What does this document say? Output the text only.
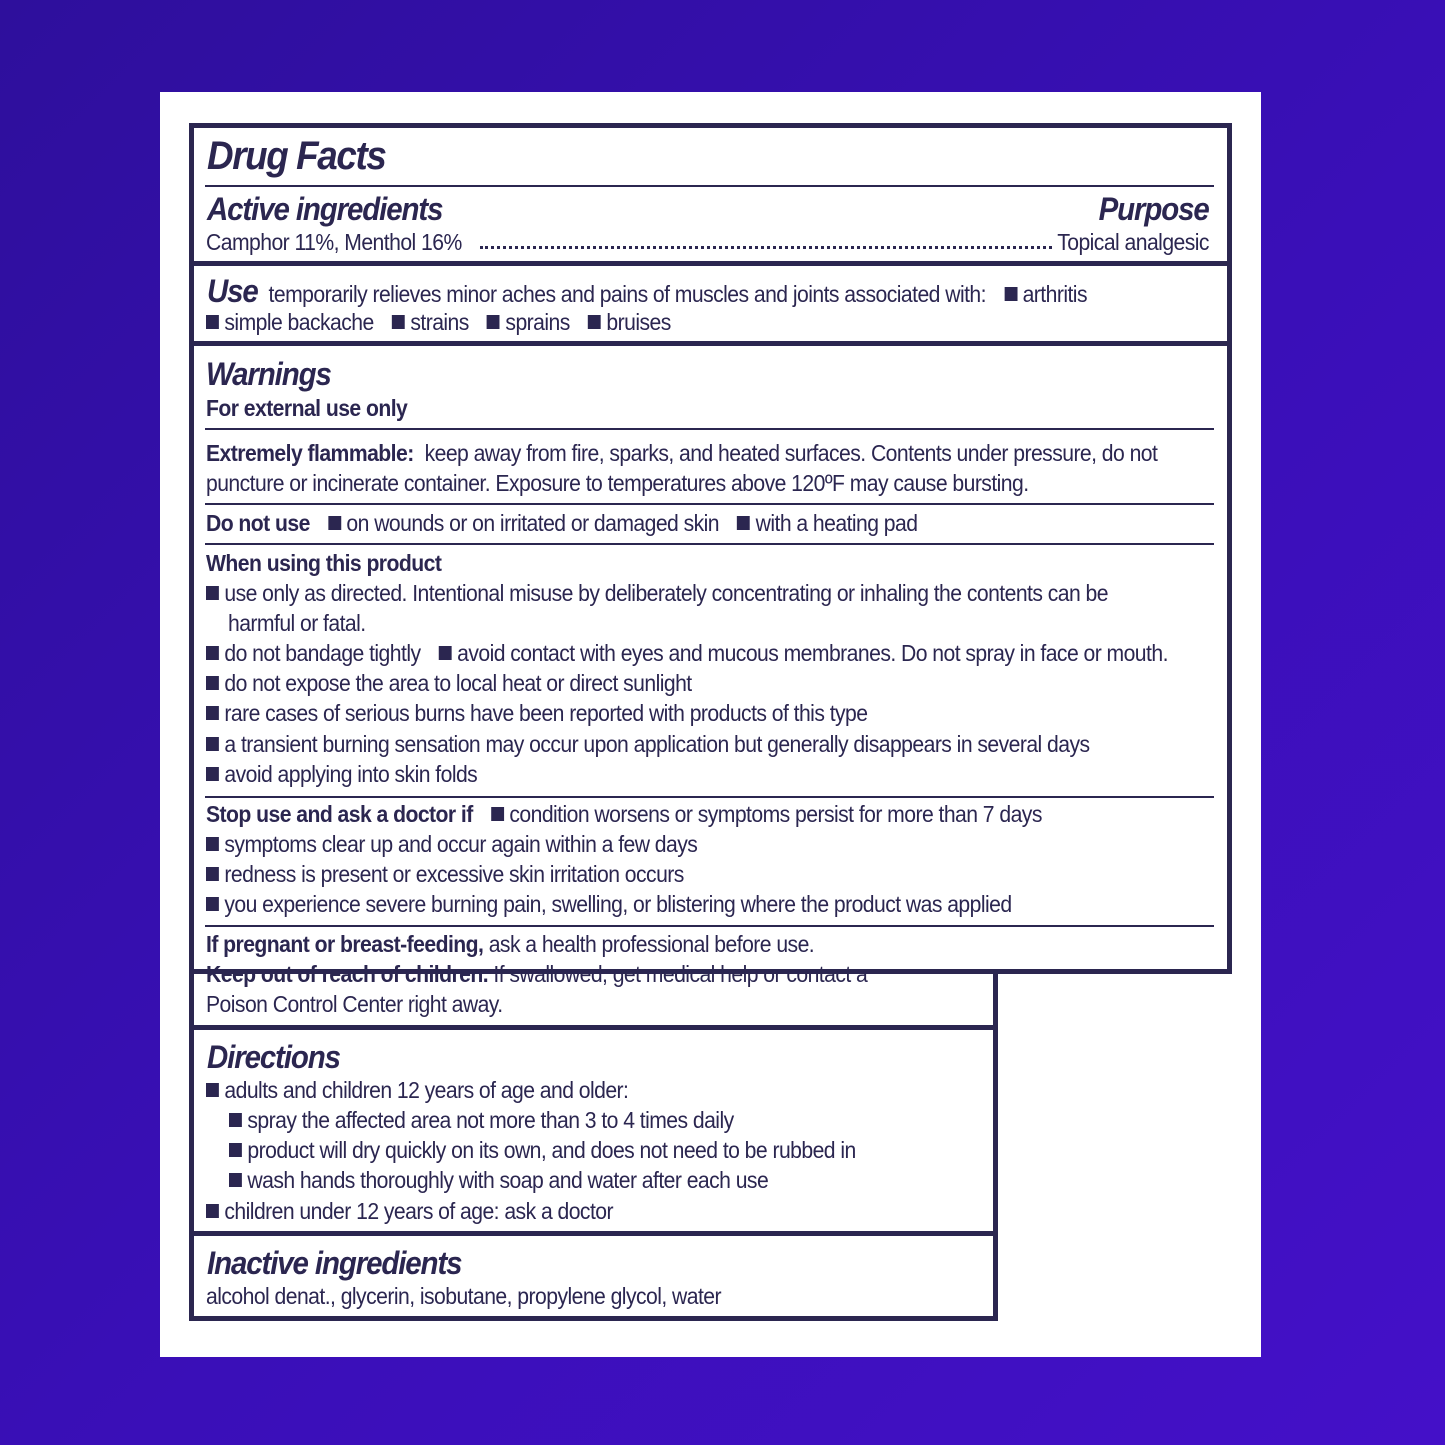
Drug Facts
Active ingredients	Purpose
Camphor 11%, Menthol 16%	Topical analgesic
Use temporarily relieves minor aches and pains of muscles and joints associated with: arthritis
simple backache strains sprains bruises
Warnings
For external use only
Extremely flammable: keep away from fire, sparks, and heated surfaces. Contents under pressure, do not
puncture or incinerate container. Exposure to temperatures above 120ºF may cause bursting.
Do not use on wounds or on irritated or damaged skin with a heating pad
When using this product
use only as directed. Intentional misuse by deliberately concentrating or inhaling the contents can be
harmful or fatal.
do not bandage tightly avoid contact with eyes and mucous membranes. Do not spray in face or mouth.
do not expose the area to local heat or direct sunlight
rare cases of serious burns have been reported with products of this type
a transient burning sensation may occur upon application but generally disappears in several days
avoid applying into skin folds
Stop use and ask a doctor if condition worsens or symptoms persist for more than 7 days
symptoms clear up and occur again within a few days
redness is present or excessive skin irritation occurs
you experience severe burning pain, swelling, or blistering where the product was applied
If pregnant or breast-feeding, ask a health professional before use.
Keep out of reach of children. If swallowed, get medical help or contact a
Poison Control Center right away.
Directions
adults and children 12 years of age and older:
spray the affected area not more than 3 to 4 times daily
product will dry quickly on its own, and does not need to be rubbed in
wash hands thoroughly with soap and water after each use
children under 12 years of age: ask a doctor
Inactive ingredients
alcohol denat., glycerin, isobutane, propylene glycol, water
